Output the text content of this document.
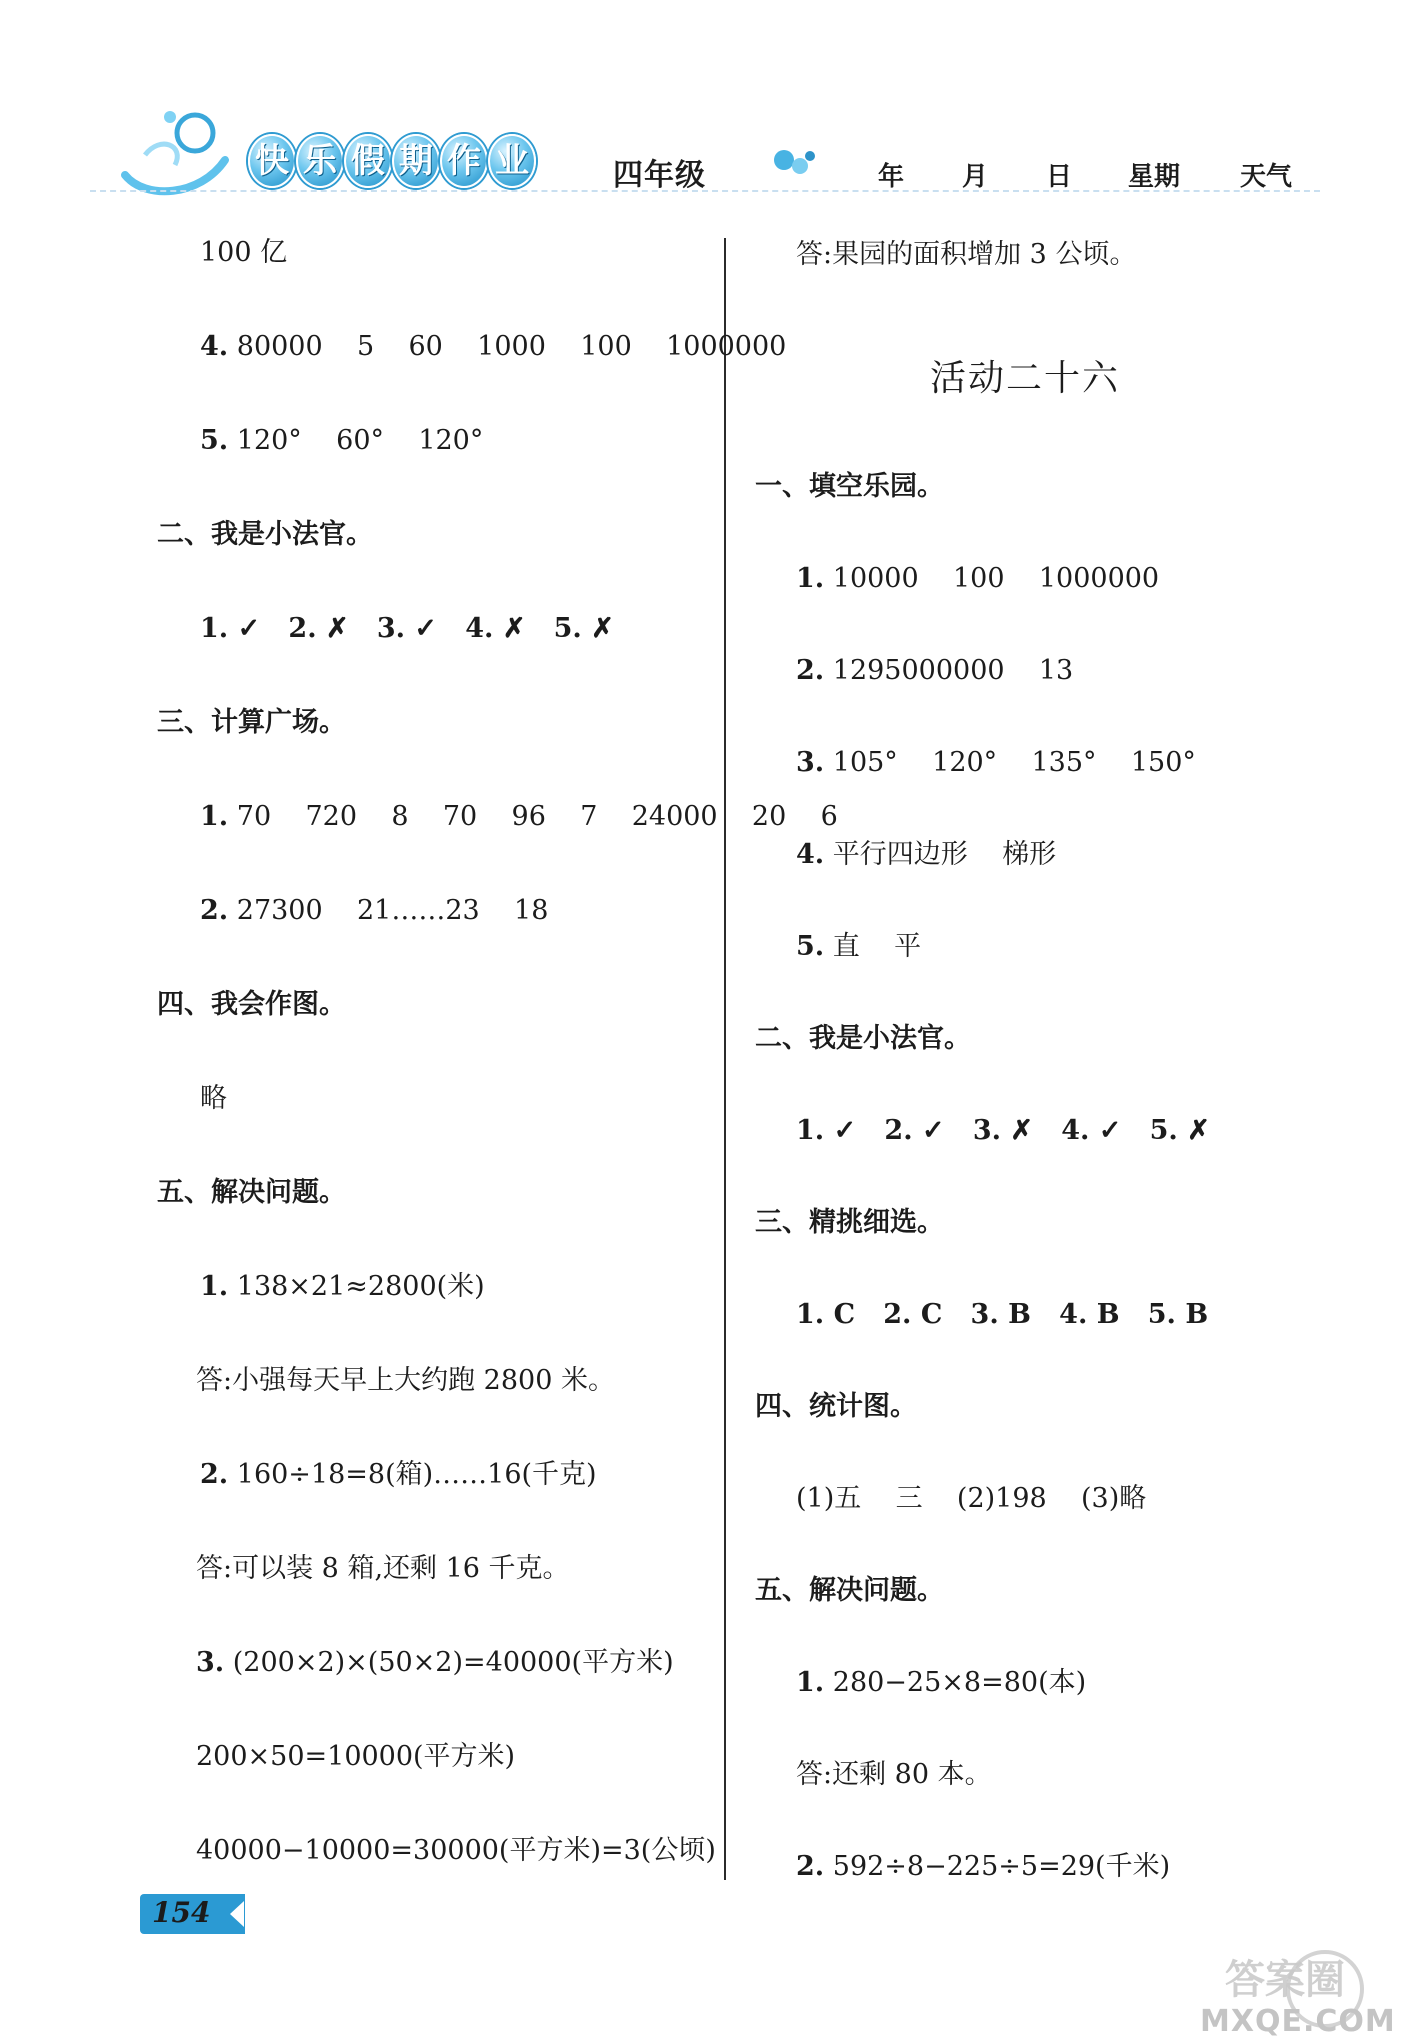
快 乐 假 期 作 业	四年级	年 月 日 星期 天气
100 亿
4. 80000    5    60    1000    100    1000000
5. 120°    60°    120°
二、我是小法官。
1. ✓   2. ✗   3. ✓   4. ✗   5. ✗
三、计算广场。
1. 70    720    8    70    96    7    24000    20    6
2. 27300    21……23    18
四、我会作图。
略
五、解决问题。
1. 138×21≈2800(米)
答:小强每天早上大约跑 2800 米。
2. 160÷18=8(箱)……16(千克)
答:可以装 8 箱,还剩 16 千克。
3. (200×2)×(50×2)=40000(平方米)
200×50=10000(平方米)
40000−10000=30000(平方米)=3(公顷)
答:果园的面积增加 3 公顷。
活动二十六
一、填空乐园。
1. 10000    100    1000000
2. 1295000000    13
3. 105°    120°    135°    150°
4. 平行四边形    梯形
5. 直    平
二、我是小法官。
1. ✓   2. ✓   3. ✗   4. ✓   5. ✗
三、精挑细选。
1. C   2. C   3. B   4. B   5. B
四、统计图。
(1)五    三    (2)198    (3)略
五、解决问题。
1. 280−25×8=80(本)
答:还剩 80 本。
2. 592÷8−225÷5=29(千米)
154
答案圈
MXQE.COM
